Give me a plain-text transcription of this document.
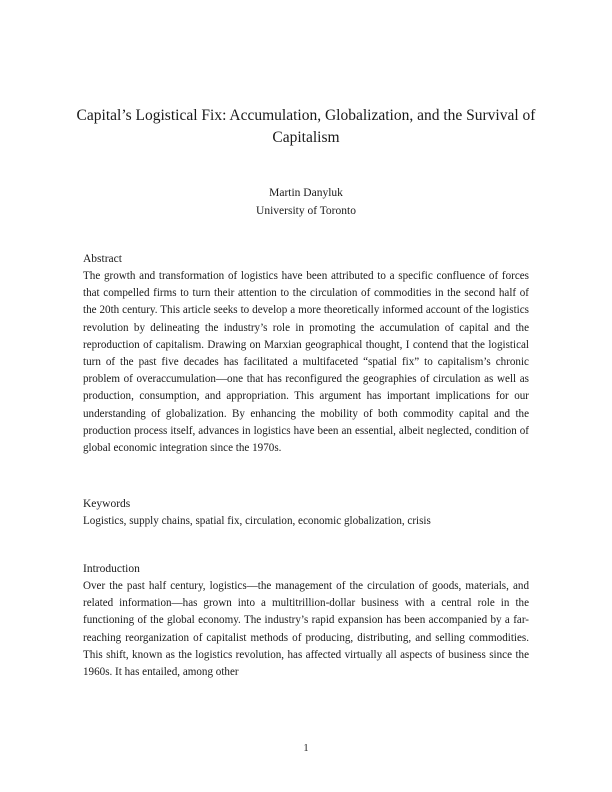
Capital’s Logistical Fix: Accumulation, Globalization, and the Survival of Capitalism
Martin Danyluk
University of Toronto
Abstract
The growth and transformation of logistics have been attributed to a specific confluence of forces that compelled firms to turn their attention to the circulation of commodities in the second half of the 20th century. This article seeks to develop a more theoretically informed account of the logistics revolution by delineating the industry’s role in promoting the accumulation of capital and the reproduction of capitalism. Drawing on Marxian geographical thought, I contend that the logistical turn of the past five decades has facilitated a multifaceted “spatial fix” to capitalism’s chronic problem of overaccumulation—one that has reconfigured the geographies of circulation as well as production, consumption, and appropriation. This argument has important implications for our understanding of globalization. By enhancing the mobility of both commodity capital and the production process itself, advances in logistics have been an essential, albeit neglected, condition of global economic integration since the 1970s.
Keywords
Logistics, supply chains, spatial fix, circulation, economic globalization, crisis
Introduction
Over the past half century, logistics—the management of the circulation of goods, materials, and related information—has grown into a multitrillion-dollar business with a central role in the functioning of the global economy. The industry’s rapid expansion has been accompanied by a far-reaching reorganization of capitalist methods of producing, distributing, and selling commodities. This shift, known as the logistics revolution, has affected virtually all aspects of business since the 1960s. It has entailed, among other
1
